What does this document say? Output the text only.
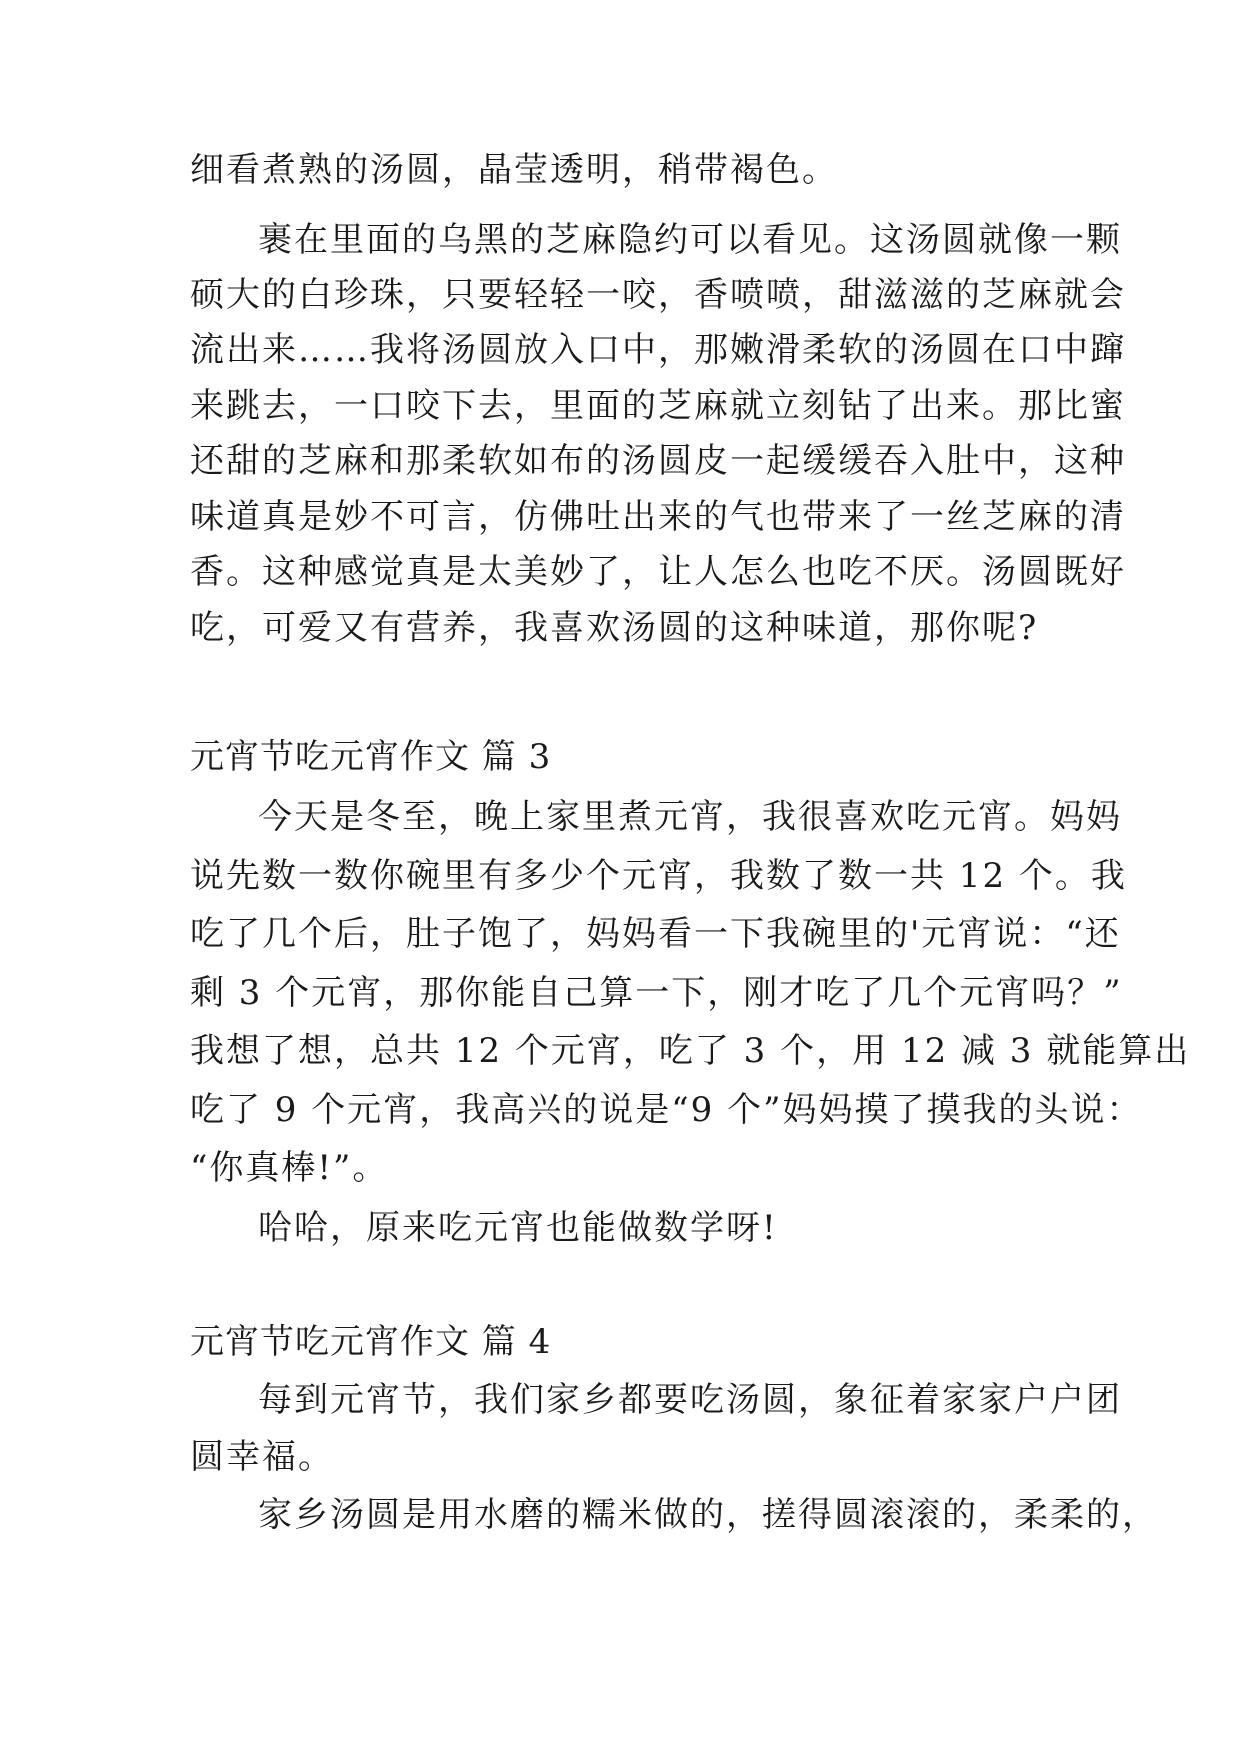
细看煮熟的汤圆，晶莹透明，稍带褐色。
裹在里面的乌黑的芝麻隐约可以看见。这汤圆就像一颗
硕大的白珍珠，只要轻轻一咬，香喷喷，甜滋滋的芝麻就会
流出来……我将汤圆放入口中，那嫩滑柔软的汤圆在口中蹿
来跳去，一口咬下去，里面的芝麻就立刻钻了出来。那比蜜
还甜的芝麻和那柔软如布的汤圆皮一起缓缓吞入肚中，这种
味道真是妙不可言，仿佛吐出来的气也带来了一丝芝麻的清
香。这种感觉真是太美妙了，让人怎么也吃不厌。汤圆既好
吃，可爱又有营养，我喜欢汤圆的这种味道，那你呢?
元宵节吃元宵作文 篇 3
今天是冬至，晚上家里煮元宵，我很喜欢吃元宵。妈妈
说先数一数你碗里有多少个元宵，我数了数一共 12 个。我
吃了几个后，肚子饱了，妈妈看一下我碗里的'元宵说：“还
剩 3 个元宵，那你能自己算一下，刚才吃了几个元宵吗？”
我想了想，总共 12 个元宵，吃了 3 个，用 12 减 3 就能算出
吃了 9 个元宵，我高兴的说是“9 个”妈妈摸了摸我的头说：
“你真棒!”。
哈哈，原来吃元宵也能做数学呀!
元宵节吃元宵作文 篇 4
每到元宵节，我们家乡都要吃汤圆，象征着家家户户团
圆幸福。
家乡汤圆是用水磨的糯米做的，搓得圆滚滚的，柔柔的，
